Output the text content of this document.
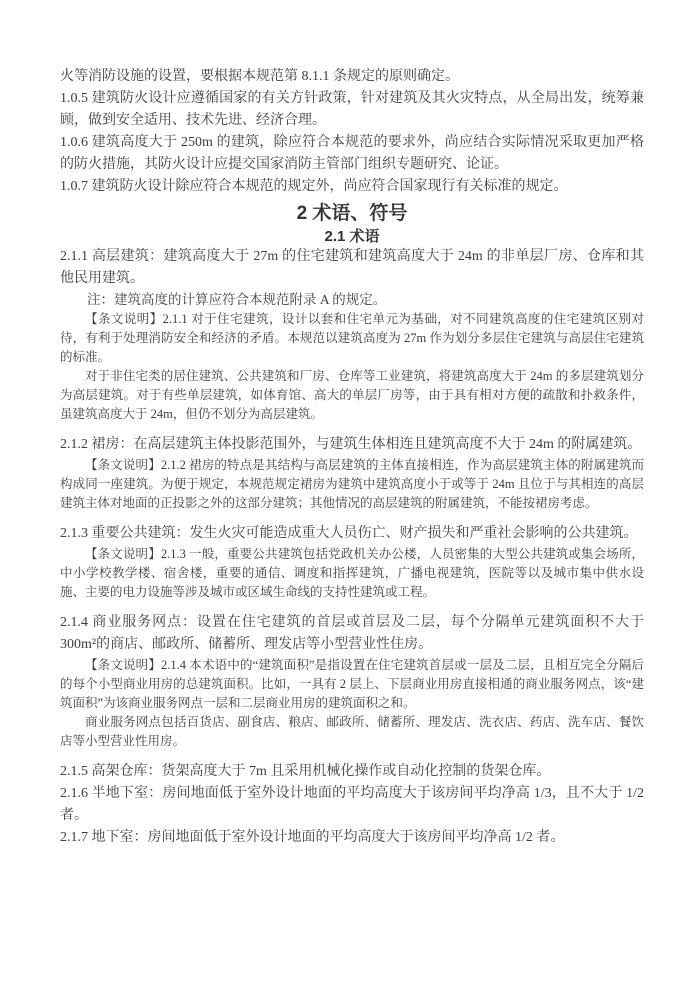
火等消防设施的设置，要根据本规范第 8.1.1 条规定的原则确定。

1.0.5 建筑防火设计应遵循国家的有关方针政策，针对建筑及其火灾特点，从全局出发，统筹兼顾，做到安全适用、技术先进、经济合理。

1.0.6 建筑高度大于 250m 的建筑，除应符合本规范的要求外，尚应结合实际情况采取更加严格的防火措施，其防火设计应提交国家消防主管部门组织专题研究、论证。

1.0.7 建筑防火设计除应符合本规范的规定外，尚应符合国家现行有关标准的规定。

2 术语、符号

2.1 术语

2.1.1 高层建筑：建筑高度大于 27m 的住宅建筑和建筑高度大于 24m 的非单层厂房、仓库和其他民用建筑。

注：建筑高度的计算应符合本规范附录 A 的规定。

【条文说明】2.1.1 对于住宅建筑，设计以套和住宅单元为基础，对不同建筑高度的住宅建筑区别对待，有利于处理消防安全和经济的矛盾。本规范以建筑高度为 27m 作为划分多层住宅建筑与高层住宅建筑的标准。

对于非住宅类的居住建筑、公共建筑和厂房、仓库等工业建筑，将建筑高度大于 24m 的多层建筑划分为高层建筑。对于有些单层建筑，如体育馆、高大的单层厂房等，由于具有相对方便的疏散和扑救条件，虽建筑高度大于 24m，但仍不划分为高层建筑。

2.1.2 裙房：在高层建筑主体投影范围外，与建筑生体相连且建筑高度不大于 24m 的附属建筑。

【条文说明】2.1.2 裙房的特点是其结构与高层建筑的主体直接相连，作为高层建筑主体的附属建筑而构成同一座建筑。为便于规定，本规范规定裙房为建筑中建筑高度小于或等于 24m 且位于与其相连的高层建筑主体对地面的正投影之外的这部分建筑；其他情况的高层建筑的附属建筑，不能按裙房考虑。

2.1.3 重要公共建筑：发生火灾可能造成重大人员伤亡、财产损失和严重社会影响的公共建筑。

【条文说明】2.1.3 一般，重要公共建筑包括党政机关办公楼，人员密集的大型公共建筑或集会场所，中小学校教学楼、宿舍楼，重要的通信、调度和指挥建筑，广播电视建筑，医院等以及城市集中供水设施、主要的电力设施等涉及城市或区域生命线的支持性建筑或工程。

2.1.4 商业服务网点：设置在住宅建筑的首层或首层及二层，每个分隔单元建筑面积不大于 300m²的商店、邮政所、储蓄所、理发店等小型营业性住房。

【条文说明】2.1.4 本术语中的“建筑面积”是指设置在住宅建筑首层或一层及二层，且相互完全分隔后的每个小型商业用房的总建筑面积。比如，一具有 2 层上、下层商业用房直接相通的商业服务网点，该“建筑面积”为该商业服务网点一层和二层商业用房的建筑面积之和。

商业服务网点包括百货店、副食店、粮店、邮政所、储蓄所、理发店、洗衣店、药店、洗车店、餐饮店等小型营业性用房。

2.1.5 高架仓库：货架高度大于 7m 且采用机械化操作或自动化控制的货架仓库。

2.1.6 半地下室：房间地面低于室外设计地面的平均高度大于该房间平均净高 1/3，且不大于 1/2 者。

2.1.7 地下室：房间地面低于室外设计地面的平均高度大于该房间平均净高 1/2 者。
